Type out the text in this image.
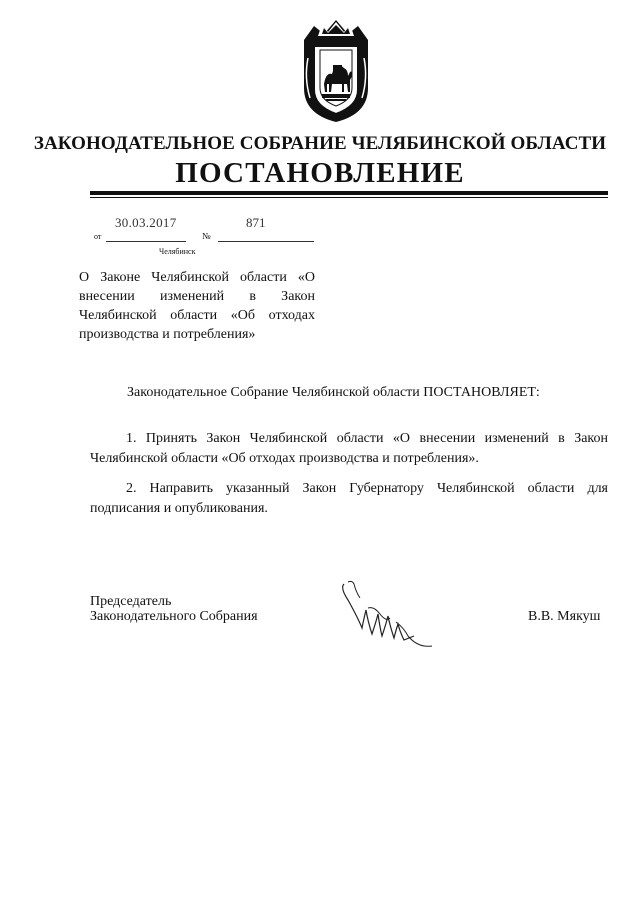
ЗАКОНОДАТЕЛЬНОЕ СОБРАНИЕ ЧЕЛЯБИНСКОЙ ОБЛАСТИ
ПОСТАНОВЛЕНИЕ
30.03.2017	871
от	№
Челябинск
О Законе Челябинской области «О внесении изменений в Закон Челябинской области «Об отходах производства и потребления»
Законодательное Собрание Челябинской области ПОСТАНОВЛЯЕТ:
1. Принять Закон Челябинской области «О внесении изменений в Закон Челябинской области «Об отходах производства и потребления».
2. Направить указанный Закон Губернатору Челябинской области для подписания и опубликования.
Председатель
Законодательного Собрания	В.В. Мякуш
